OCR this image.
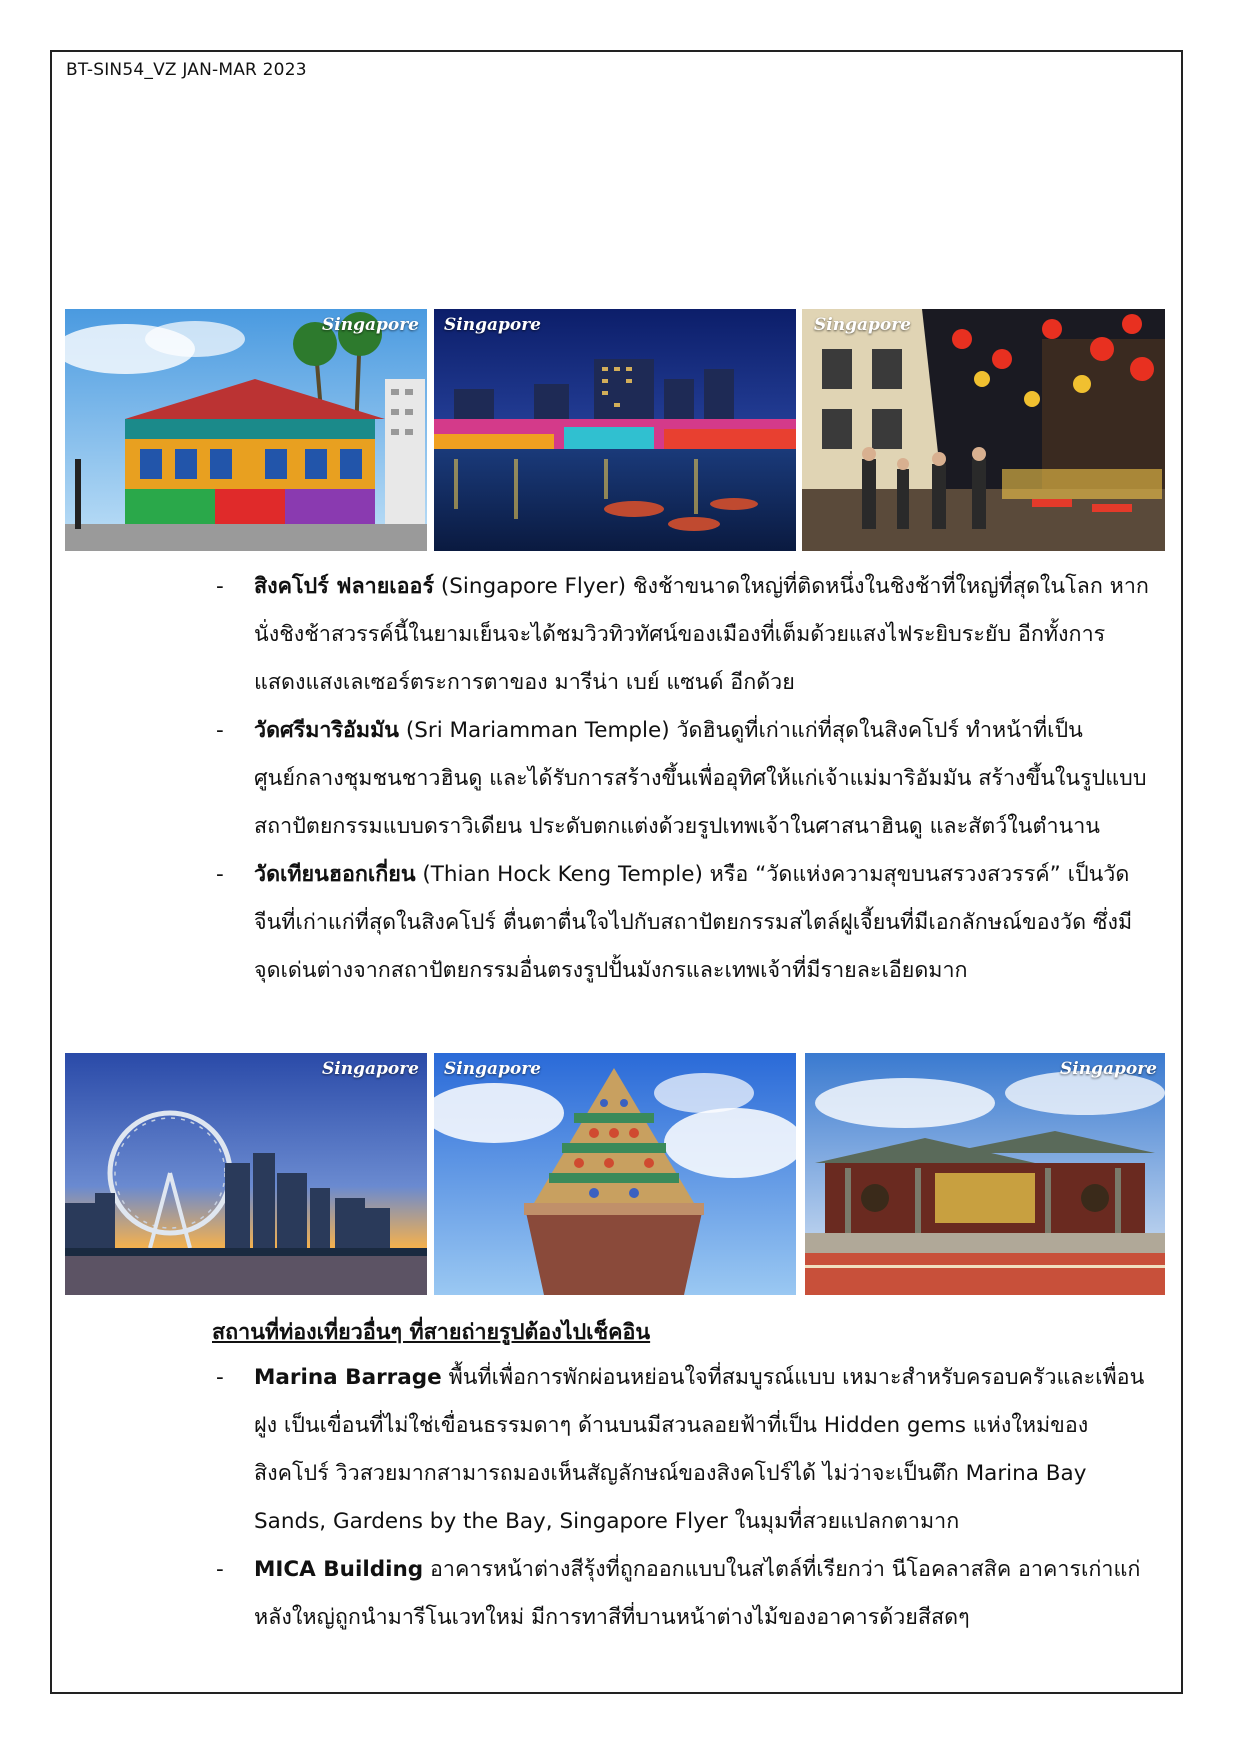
BT-SIN54_VZ JAN-MAR 2023
Singapore Singapore	Singapore
- สิงคโปร์ ฟลายเออร์ (Singapore Flyer) ชิงช้าขนาดใหญ่ที่ติดหนึ่งในชิงช้าที่ใหญ่ที่สุดในโลก หากนั่งชิงช้าสวรรค์นี้ในยามเย็นจะได้ชมวิวทิวทัศน์ของเมืองที่เต็มด้วยแสงไฟระยิบระยับ อีกทั้งการแสดงแสงเลเซอร์ตระการตาของ มารีน่า เบย์ แซนด์ อีกด้วย
- วัดศรีมาริอัมมัน (Sri Mariamman Temple) วัดฮินดูที่เก่าแก่ที่สุดในสิงคโปร์ ทำหน้าที่เป็นศูนย์กลางชุมชนชาวฮินดู และได้รับการสร้างขึ้นเพื่ออุทิศให้แก่เจ้าแม่มาริอัมมัน สร้างขึ้นในรูปแบบสถาปัตยกรรมแบบดราวิเดียน ประดับตกแต่งด้วยรูปเทพเจ้าในศาสนาฮินดู และสัตว์ในตำนาน
- วัดเทียนฮอกเกี่ยน (Thian Hock Keng Temple) หรือ “วัดแห่งความสุขบนสรวงสวรรค์” เป็นวัดจีนที่เก่าแก่ที่สุดในสิงคโปร์ ตื่นตาตื่นใจไปกับสถาปัตยกรรมสไตล์ฝูเจี้ยนที่มีเอกลักษณ์ของวัด ซึ่งมีจุดเด่นต่างจากสถาปัตยกรรมอื่นตรงรูปปั้นมังกรและเทพเจ้าที่มีรายละเอียดมาก
Singapore Singapore	Singapore
สถานที่ท่องเที่ยวอื่นๆ ที่สายถ่ายรูปต้องไปเช็คอิน
- Marina Barrage พื้นที่เพื่อการพักผ่อนหย่อนใจที่สมบูรณ์แบบ เหมาะสำหรับครอบครัวและเพื่อนฝูง เป็นเขื่อนที่ไม่ใช่เขื่อนธรรมดาๆ ด้านบนมีสวนลอยฟ้าที่เป็น Hidden gems แห่งใหม่ของสิงคโปร์ วิวสวยมากสามารถมองเห็นสัญลักษณ์ของสิงคโปร์ได้ ไม่ว่าจะเป็นตึก Marina Bay Sands, Gardens by the Bay, Singapore Flyer ในมุมที่สวยแปลกตามาก
- MICA Building อาคารหน้าต่างสีรุ้งที่ถูกออกแบบในสไตล์ที่เรียกว่า นีโอคลาสสิค อาคารเก่าแก่หลังใหญ่ถูกนำมารีโนเวทใหม่ มีการทาสีที่บานหน้าต่างไม้ของอาคารด้วยสีสดๆ
